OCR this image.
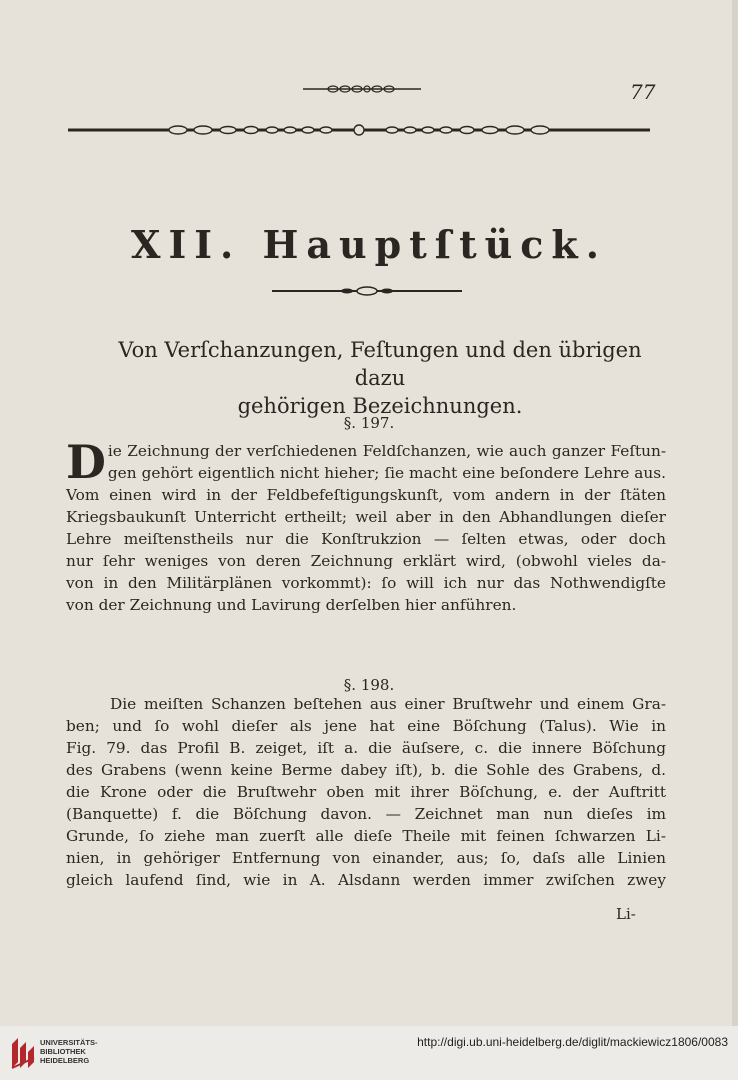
77
XII. Hauptſtück.
Von Verſchanzungen, Feſtungen und den übrigen dazu
gehörigen Bezeichnungen.
§. 197.
D ie Zeichnung der verſchiedenen Feldſchanzen, wie auch ganzer Feſtun-
gen gehört eigentlich nicht hieher; ſie macht eine beſondere Lehre aus.
Vom einen wird in der Feldbefeſtigungskunſt, vom andern in der ſtäten
Kriegsbaukunſt Unterricht ertheilt; weil aber in den Abhandlungen dieſer
Lehre meiſtenstheils nur die Konſtrukzion — ſelten etwas, oder doch
nur ſehr weniges von deren Zeichnung erklärt wird, (obwohl vieles da-
von in den Militärplänen vorkommt): ſo will ich nur das Nothwendigſte
von der Zeichnung und Lavirung derſelben hier anführen.
§. 198.
Die meiſten Schanzen beſtehen aus einer Bruſtwehr und einem Gra-
ben; und ſo wohl dieſer als jene hat eine Böſchung (Talus). Wie in
Fig. 79. das Profil B. zeiget, iſt a. die äuſsere, c. die innere Böſchung
des Grabens (wenn keine Berme dabey iſt), b. die Sohle des Grabens, d.
die Krone oder die Bruſtwehr oben mit ihrer Böſchung, e. der Auftritt
(Banquette) f. die Böſchung davon. — Zeichnet man nun dieſes im
Grunde, ſo ziehe man zuerſt alle dieſe Theile mit feinen ſchwarzen Li-
nien, in gehöriger Entfernung von einander, aus; ſo, daſs alle Linien
gleich laufend ſind, wie in A. Alsdann werden immer zwiſchen zwey
Li-
UNIVERSITÄTS-
BIBLIOTHEK
HEIDELBERG
http://digi.ub.uni-heidelberg.de/diglit/mackiewicz1806/0083
